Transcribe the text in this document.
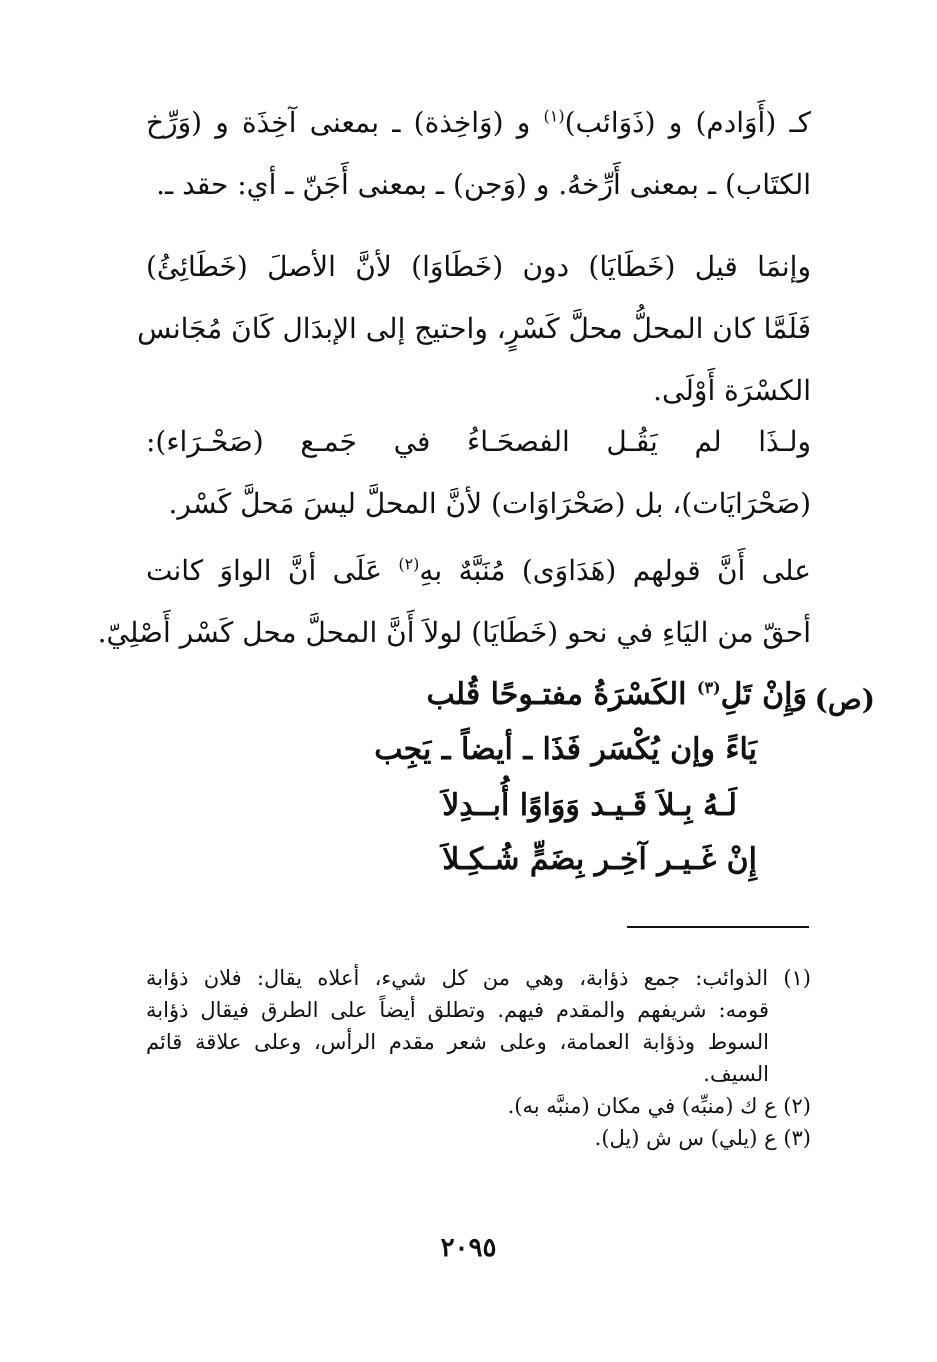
كـ (أَوَادم) و (ذَوَائب)$^{(١)}$ و (وَاخِذة) ـ بمعنى آخِذَة و (وَرِّخ
الكتَاب) ـ بمعنى أَرِّخهُ. و (وَجن) ـ بمعنى أَجَنّ ـ أي: حقد ـ.
وإنمَا قيل (خَطَايَا) دون (خَطَاوَا) لأنَّ الأصلَ (خَطَائِئُ)
فَلَمَّا كان المحلُّ محلَّ كَسْرٍ، واحتيج إلى الإبدَال كَانَ مُجَانس
الكسْرَة أَوْلَى.
ولـذَا لم يَقُـل الفصحَـاءُ في جَمـع (صَحْـرَاء):
(صَحْرَايَات)، بل (صَحْرَاوَات) لأنَّ المحلَّ ليسَ مَحلَّ كَسْر.
على أَنَّ قولهم (هَدَاوَى) مُنَبَّهٌ بهِ$^{(٢)}$ عَلَى أنَّ الواوَ كانت
أحقّ من اليَاءِ في نحو (خَطَايَا) لولاَ أَنَّ المحلَّ محل كَسْر أَصْلِيّ.
(ص)
وَإِنْ تَلِ$^{(٣)}$ الكَسْرَةُ مفتـوحًا قُلب
يَاءً وإن يُكْسَر فَذَا ـ أيضاً ـ يَجِب
لَـهُ بِـلاَ قَـيـد وَوَاوًا أُبــدِلاَ
إِنْ غَـيـر آخِـر بِضَمٍّ شُـكِـلاَ
(١) الذوائب: جمع ذؤابة، وهي من كل شيء، أعلاه يقال: فلان ذؤابة
قومه: شريفهم والمقدم فيهم. وتطلق أيضاً على الطرق فيقال ذؤابة
السوط وذؤابة العمامة، وعلى شعر مقدم الرأس، وعلى علاقة قائم
السيف.
(٢) ع ك (منبِّه) في مكان (منبَّه به).
(٣) ع (يلي) س ش (يل).
٢٠٩٥
